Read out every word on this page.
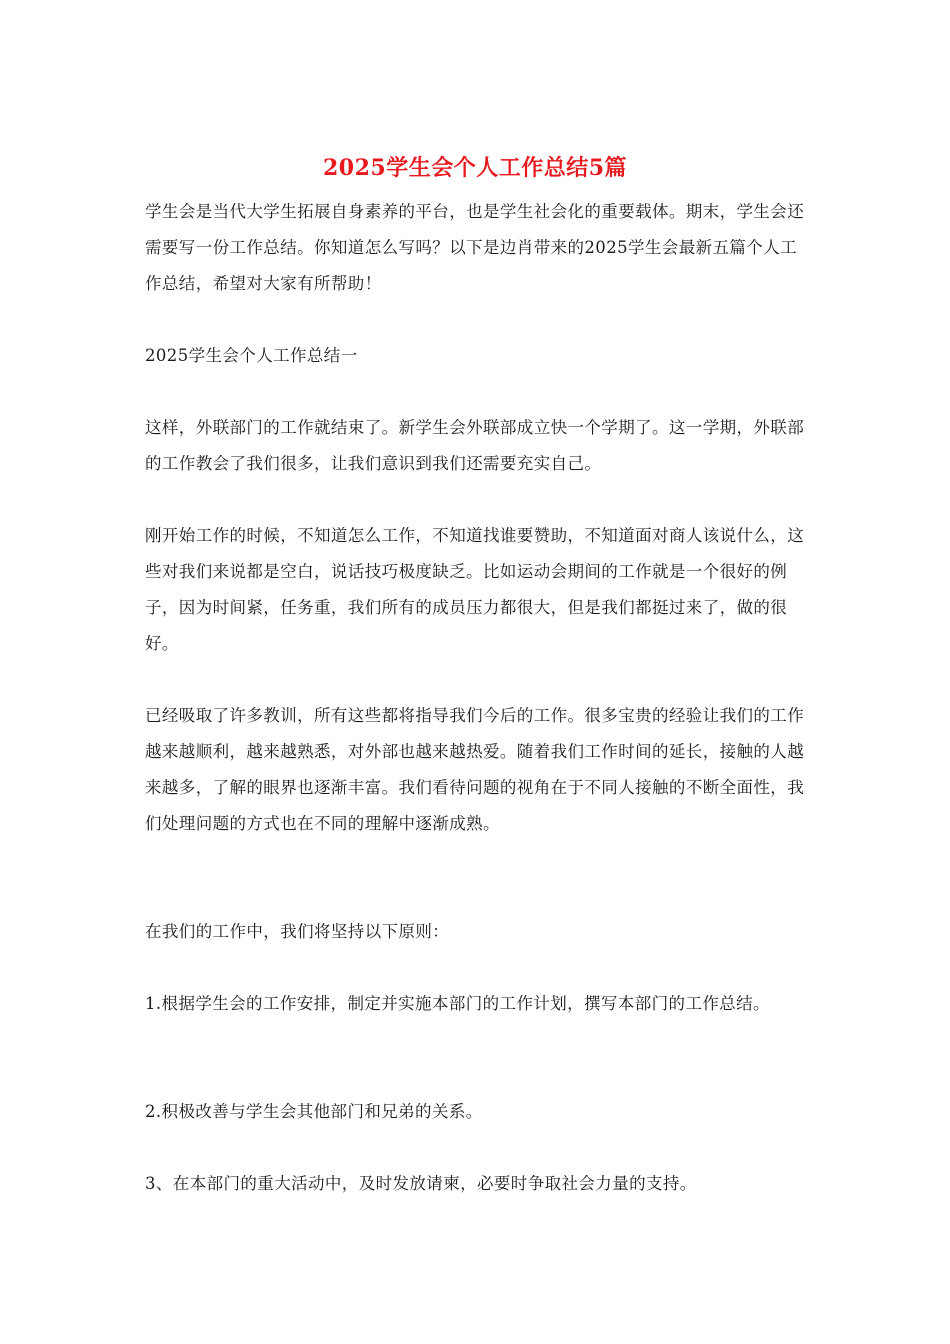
2025学生会个人工作总结5篇

学生会是当代大学生拓展自身素养的平台，也是学生社会化的重要载体。期末，学生会还需要写一份工作总结。你知道怎么写吗？以下是边肖带来的2025学生会最新五篇个人工作总结，希望对大家有所帮助！

2025学生会个人工作总结一

这样，外联部门的工作就结束了。新学生会外联部成立快一个学期了。这一学期，外联部的工作教会了我们很多，让我们意识到我们还需要充实自己。

刚开始工作的时候，不知道怎么工作，不知道找谁要赞助，不知道面对商人该说什么，这些对我们来说都是空白，说话技巧极度缺乏。比如运动会期间的工作就是一个很好的例子，因为时间紧，任务重，我们所有的成员压力都很大，但是我们都挺过来了，做的很好。

已经吸取了许多教训，所有这些都将指导我们今后的工作。很多宝贵的经验让我们的工作越来越顺利，越来越熟悉，对外部也越来越热爱。随着我们工作时间的延长，接触的人越来越多，了解的眼界也逐渐丰富。我们看待问题的视角在于不同人接触的不断全面性，我们处理问题的方式也在不同的理解中逐渐成熟。

在我们的工作中，我们将坚持以下原则：

1.根据学生会的工作安排，制定并实施本部门的工作计划，撰写本部门的工作总结。

2.积极改善与学生会其他部门和兄弟的关系。

3、在本部门的重大活动中，及时发放请柬，必要时争取社会力量的支持。
